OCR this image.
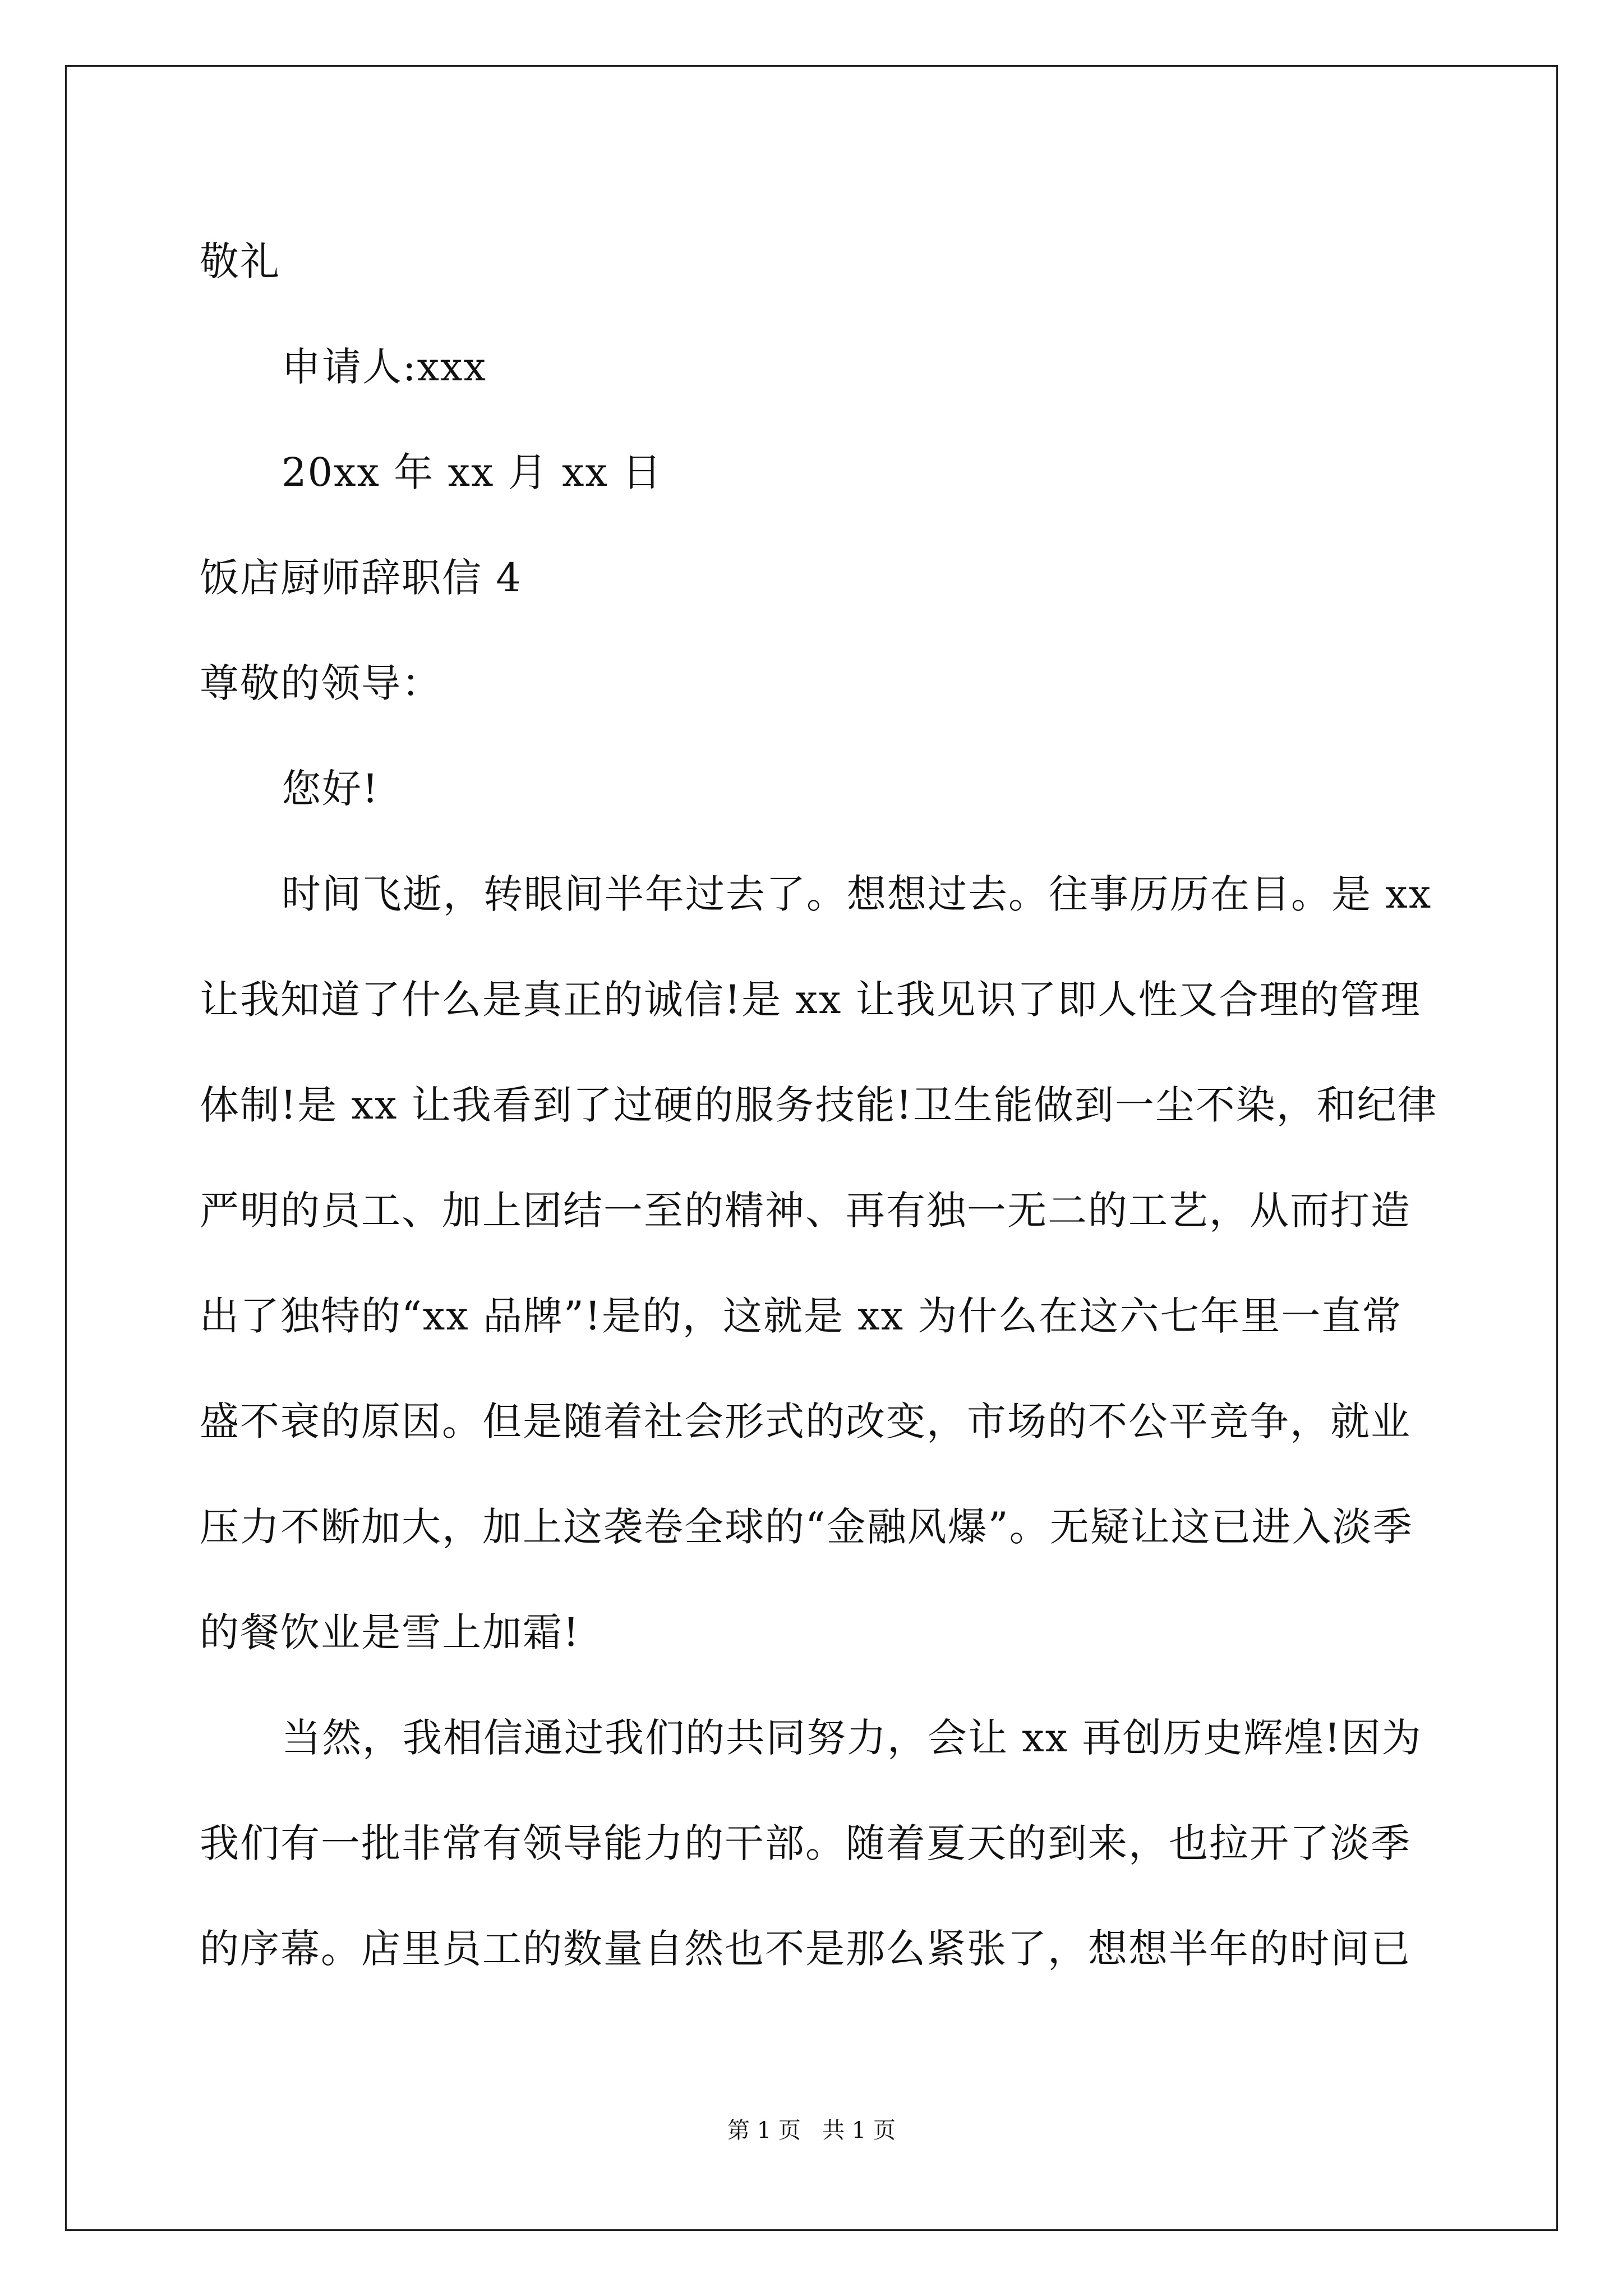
敬礼
申请人:xxx
20xx 年 xx 月 xx 日
饭店厨师辞职信 4
尊敬的领导：
您好!
时间飞逝，转眼间半年过去了。想想过去。往事历历在目。是 xx
让我知道了什么是真正的诚信!是 xx 让我见识了即人性又合理的管理
体制!是 xx 让我看到了过硬的服务技能!卫生能做到一尘不染，和纪律
严明的员工、加上团结一至的精神、再有独一无二的工艺，从而打造
出了独特的“xx 品牌”!是的，这就是 xx 为什么在这六七年里一直常
盛不衰的原因。但是随着社会形式的改变，市场的不公平竞争，就业
压力不断加大，加上这袭卷全球的“金融风爆”。无疑让这已进入淡季
的餐饮业是雪上加霜!
当然，我相信通过我们的共同努力，会让 xx 再创历史辉煌!因为
我们有一批非常有领导能力的干部。随着夏天的到来，也拉开了淡季
的序幕。店里员工的数量自然也不是那么紧张了，想想半年的时间已
第 1 页   共 1 页
